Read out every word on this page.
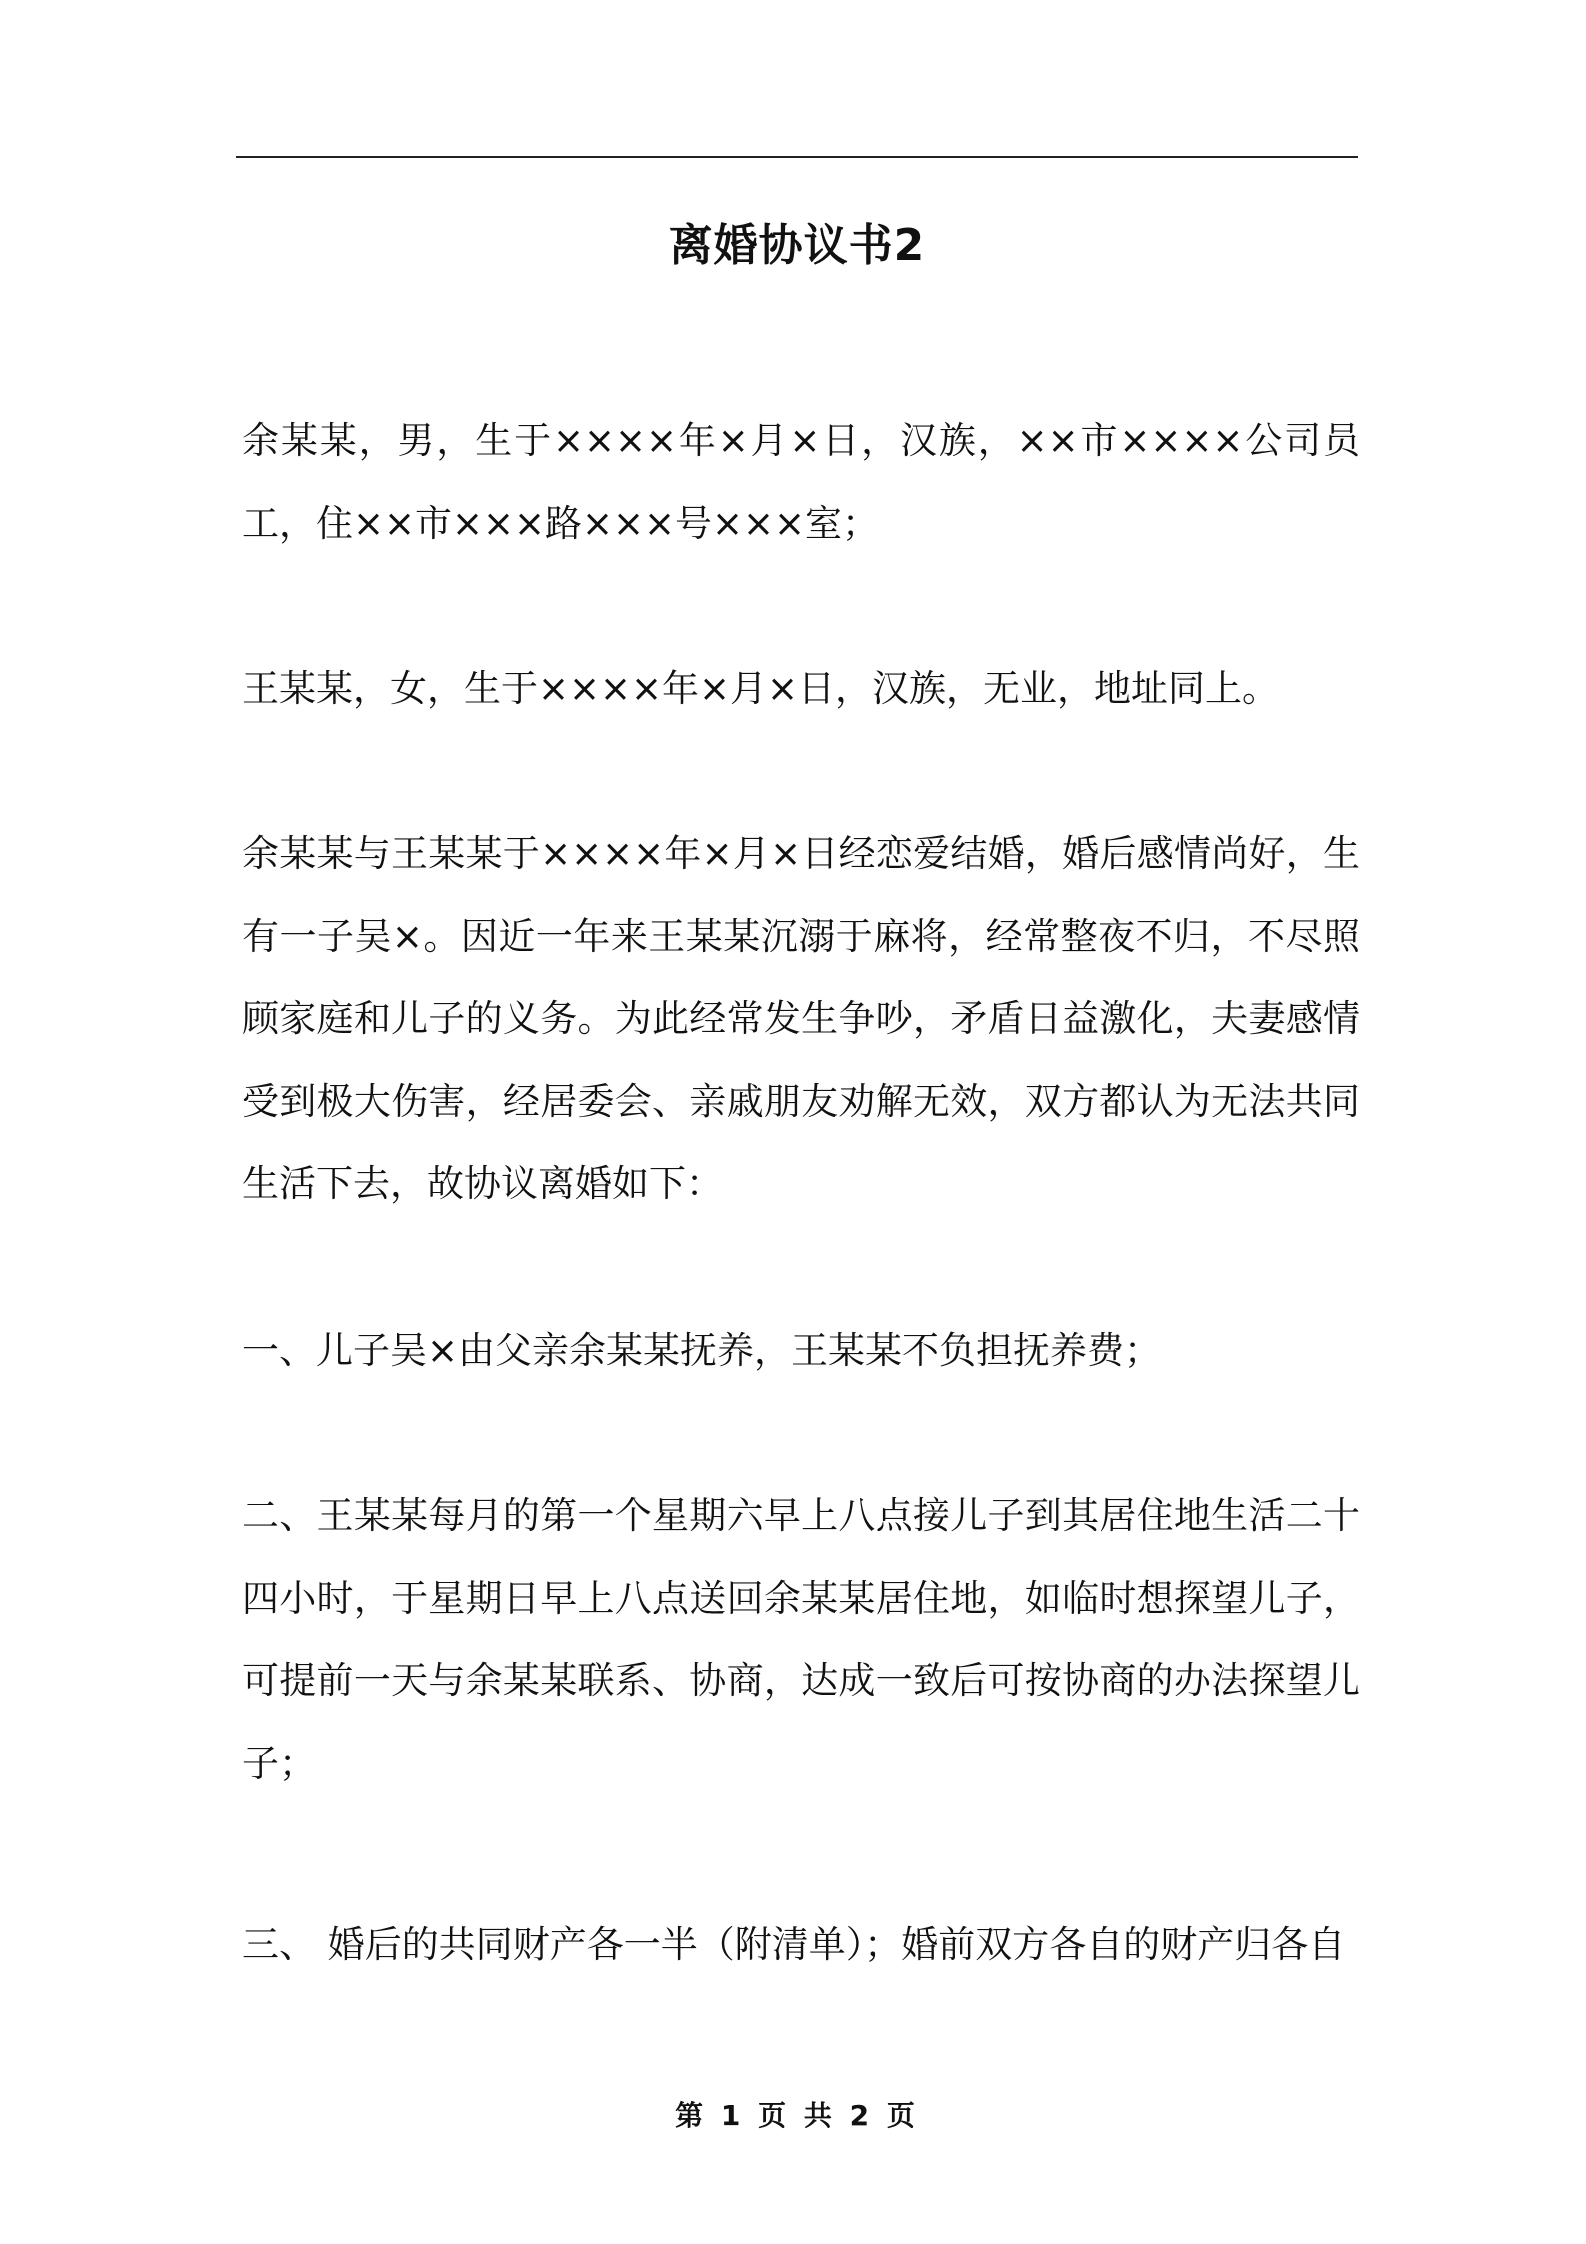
离婚协议书2

余某某，男，生于××××年×月×日，汉族，××市××××公司员工，住××市×××路×××号×××室；

王某某，女，生于××××年×月×日，汉族，无业，地址同上。

余某某与王某某于××××年×月×日经恋爱结婚，婚后感情尚好，生有一子吴×。因近一年来王某某沉溺于麻将，经常整夜不归，不尽照顾家庭和儿子的义务。为此经常发生争吵，矛盾日益激化，夫妻感情受到极大伤害，经居委会、亲戚朋友劝解无效，双方都认为无法共同生活下去，故协议离婚如下：

一、儿子吴×由父亲余某某抚养，王某某不负担抚养费；

二、王某某每月的第一个星期六早上八点接儿子到其居住地生活二十四小时，于星期日早上八点送回余某某居住地，如临时想探望儿子，可提前一天与余某某联系、协商，达成一致后可按协商的办法探望儿子；

三、 婚后的共同财产各一半（附清单）；婚前双方各自的财产归各自

第 1 页 共 2 页
